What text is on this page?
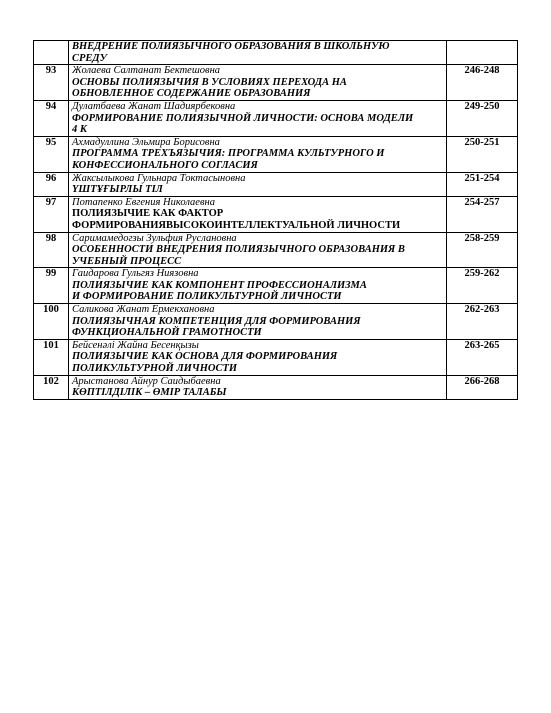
	ВНЕДРЕНИЕ ПОЛИЯЗЫЧНОГО ОБРАЗОВАНИЯ В ШКОЛЬНУЮ
СРЕДУ	

93	Жолаева Салтанат Бектешовна
ОСНОВЫ ПОЛИЯЗЫЧИЯ В УСЛОВИЯХ ПЕРЕХОДА НА
ОБНОВЛЕННОЕ СОДЕРЖАНИЕ ОБРАЗОВАНИЯ	246-248
94	Дулатбаева Жанат Шадиярбековна
ФОРМИРОВАНИЕ ПОЛИЯЗЫЧНОЙ ЛИЧНОСТИ: ОСНОВА МОДЕЛИ
4 К	249-250
95	Ахмадуллина Эльмира Борисовна
ПРОГРАММА ТРЕХЪЯЗЫЧИЯ: ПРОГРАММА КУЛЬТУРНОГО И
КОНФЕССИОНАЛЬНОГО СОГЛАСИЯ	250-251
96	Жаксылыкова Гульнара Токтасыновна
ҮШТҰҒЫРЛЫ ТІЛ	251-254
97	Потапенко Евгения Николаевна
ПОЛИЯЗЫЧИЕ КАК ФАКТОР
ФОРМИРОВАНИЯВЫСОКОИНТЕЛЛЕКТУАЛЬНОЙ ЛИЧНОСТИ	254-257
98	Саримамедогзы Зульфия Руслановна
ОСОБЕННОСТИ ВНЕДРЕНИЯ ПОЛИЯЗЫЧНОГО ОБРАЗОВАНИЯ В
УЧЕБНЫЙ ПРОЦЕСС	258-259
99	Гаидарова Гульгяз Ниязовна
ПОЛИЯЗЫЧИЕ КАК КОМПОНЕНТ ПРОФЕССИОНАЛИЗМА
И ФОРМИРОВАНИЕ ПОЛИКУЛЬТУРНОЙ ЛИЧНОСТИ	259-262
100	Саликова Жанат Ермекхановна
ПОЛИЯЗЫЧНАЯ КОМПЕТЕНЦИЯ ДЛЯ ФОРМИРОВАНИЯ
ФУНКЦИОНАЛЬНОЙ ГРАМОТНОСТИ	262-263
101	Бейсенәлі Жайна Бесенқызы
ПОЛИЯЗЫЧИЕ КАК ОСНОВА ДЛЯ ФОРМИРОВАНИЯ
ПОЛИКУЛЬТУРНОЙ ЛИЧНОСТИ	263-265
102	Арыстанова Айнур Саидыбаевна
КӨПТІЛДІЛІК – ӨМІР ТАЛАБЫ	266-268
